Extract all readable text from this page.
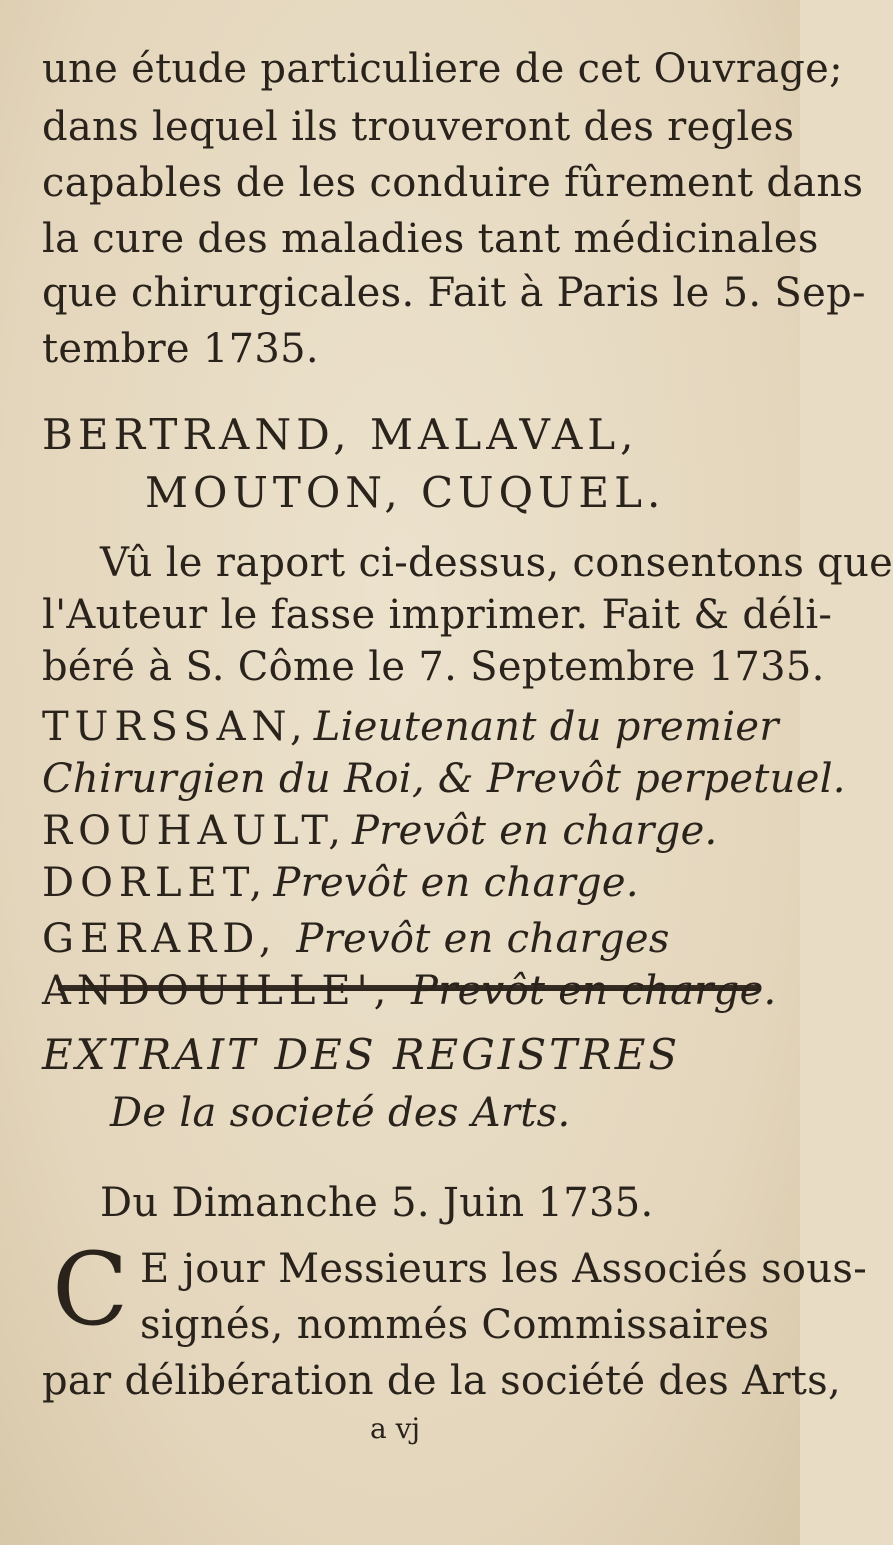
une étude particuliere de cet Ouvrage;
dans lequel ils trouveront des regles
capables de les conduire fûrement dans
la cure des maladies tant médicinales
que chirurgicales. Fait à Paris le 5. Sep-
tembre 1735.
BERTRAND, MALAVAL,
MOUTON, CUQUEL.
Vû le raport ci-dessus, consentons que
l'Auteur le fasse imprimer. Fait & déli-
béré à S. Côme le 7. Septembre 1735.
TURSSAN, Lieutenant du premier
Chirurgien du Roi, & Prevôt perpetuel.
ROUHAULT, Prevôt en charge.
DORLET, Prevôt en charge.
EXTRAIT DES REGISTRES
De la societé des Arts.
Du Dimanche 5. Juin 1735.
C E jour Messieurs les Associés sous-
signés, nommés Commissaires
par délibération de la société des Arts,
a vj
GERARD, Prevôt en charges
ANDOUILLE', Prevôt en charge.
